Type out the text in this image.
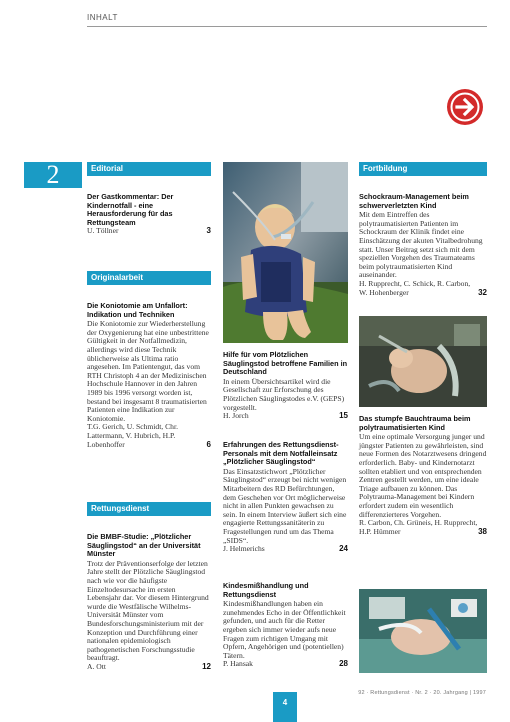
INHALT
2	Editorial
Der Gastkommentar: Der Kindernotfall - eine Herausforderung für das Rettungsteam
U. Töllner	3
Originalarbeit
Die Koniotomie am Unfallort: Indikation und Techniken
Die Koniotomie zur Wiederherstellung der Oxygenierung hat eine unbestrittene Gültigkeit in der Notfallmedizin, allerdings wird diese Technik üblicherweise als Ultima ratio angesehen. Im Patientengut, das vom RTH Christoph 4 an der Medizinischen Hochschule Hannover in den Jahren 1989 bis 1996 versorgt worden ist, bestand bei insgesamt 8 traumatisierten Patienten eine Indikation zur Koniotomie.
T.G. Gerich, U. Schmidt, Chr. Lattermann, V. Hubrich, H.P. Lobenhoffer	6
Rettungsdienst
Die BMBF-Studie: „Plötzlicher Säuglingstod“ an der Universität Münster
Trotz der Präventionserfolge der letzten Jahre stellt der Plötzliche Säuglingstod nach wie vor die häufigste Einzeltodesursache im ersten Lebensjahr dar. Vor diesem Hintergrund wurde die Westfälische Wilhelms-Universität Münster vom Bundesforschungsministerium mit der Konzeption und Durchführung einer nationalen epidemiologisch pathogenetischen Forschungsstudie beauftragt.
A. Ott	12
Hilfe für vom Plötzlichen Säuglingstod betroffene Familien in Deutschland
In einem Übersichtsartikel wird die Gesellschaft zur Erforschung des Plötzlichen Säuglingstodes e.V. (GEPS) vorgestellt.
H. Jorch	15
Erfahrungen des Rettungsdienst-Personals mit dem Notfalleinsatz „Plötzlicher Säuglingstod“
Das Einsatzstichwort „Plötzlicher Säuglingstod“ erzeugt bei nicht wenigen Mitarbeitern des RD Befürchtungen, dem Geschehen vor Ort möglicherweise nicht in allen Punkten gewachsen zu sein. In einem Interview äußert sich eine engagierte Rettungssanitäterin zu Fragestellungen rund um das Thema „SIDS“.
J. Helmerichs	24
Kindesmißhandlung und Rettungsdienst
Kindesmißhandlungen haben ein zunehmendes Echo in der Öffentlichkeit gefunden, und auch für die Retter ergeben sich immer wieder aufs neue Fragen zum richtigen Umgang mit Opfern, Angehörigen und (potentiellen) Tätern.
P. Hansak	28
Fortbildung
Schockraum-Management beim schwerverletzten Kind
Mit dem Eintreffen des polytraumatisierten Patienten im Schockraum der Klinik findet eine Einschätzung der akuten Vitalbedrohung statt. Unser Beitrag setzt sich mit dem speziellen Vorgehen des Traumateams beim polytraumatisierten Kind auseinander.
H. Rupprecht, C. Schick, R. Carbon, W. Hohenberger	32
Das stumpfe Bauchtrauma beim polytraumatisierten Kind
Um eine optimale Versorgung junger und jüngster Patienten zu gewährleisten, sind neue Formen des Notarztwesens dringend erforderlich. Baby- und Kindernotarzt sollten etabliert und von entsprechenden Zentren gestellt werden, um eine ideale Triage aufbauen zu können. Das Polytrauma-Management bei Kindern erfordert zudem ein wesentlich differenzierteres Vorgehen.
R. Carbon, Ch. Grüneis, H. Rupprecht, H.P. Hümmer	38
92 · Rettungsdienst · Nr. 2 · 20. Jahrgang | 1997
4
